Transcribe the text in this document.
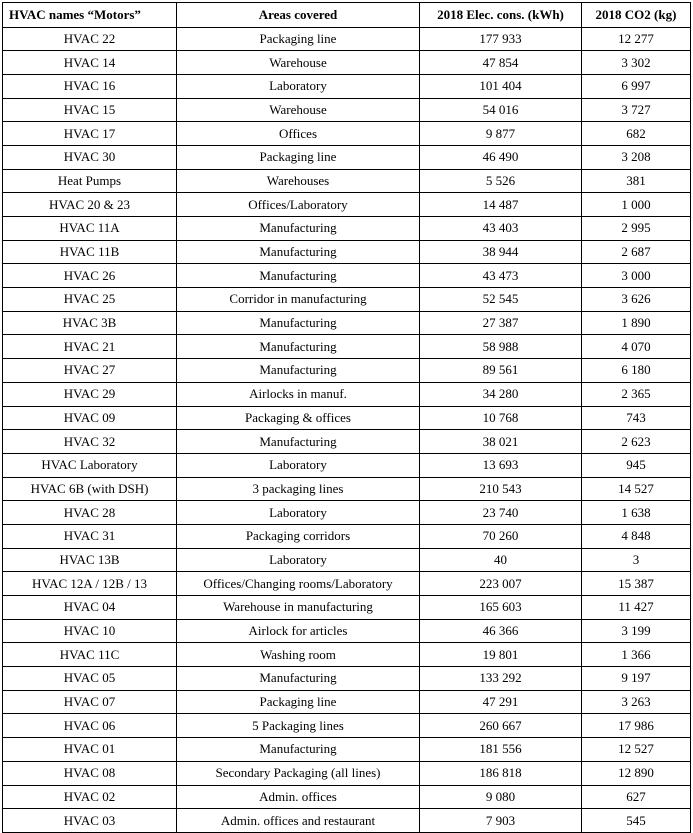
HVAC names “Motors”	Areas covered	2018 Elec. cons. (kWh)	2018 CO2 (kg)
HVAC 22	Packaging line	177 933	12 277
HVAC 14	Warehouse	47 854	3 302
HVAC 16	Laboratory	101 404	6 997
HVAC 15	Warehouse	54 016	3 727
HVAC 17	Offices	9 877	682
HVAC 30	Packaging line	46 490	3 208
Heat Pumps	Warehouses	5 526	381
HVAC 20 & 23	Offices/Laboratory	14 487	1 000
HVAC 11A	Manufacturing	43 403	2 995
HVAC 11B	Manufacturing	38 944	2 687
HVAC 26	Manufacturing	43 473	3 000
HVAC 25	Corridor in manufacturing	52 545	3 626
HVAC 3B	Manufacturing	27 387	1 890
HVAC 21	Manufacturing	58 988	4 070
HVAC 27	Manufacturing	89 561	6 180
HVAC 29	Airlocks in manuf.	34 280	2 365
HVAC 09	Packaging & offices	10 768	743
HVAC 32	Manufacturing	38 021	2 623
HVAC Laboratory	Laboratory	13 693	945
HVAC 6B (with DSH)	3 packaging lines	210 543	14 527
HVAC 28	Laboratory	23 740	1 638
HVAC 31	Packaging corridors	70 260	4 848
HVAC 13B	Laboratory	40	3
HVAC 12A / 12B / 13	Offices/Changing rooms/Laboratory	223 007	15 387
HVAC 04	Warehouse in manufacturing	165 603	11 427
HVAC 10	Airlock for articles	46 366	3 199
HVAC 11C	Washing room	19 801	1 366
HVAC 05	Manufacturing	133 292	9 197
HVAC 07	Packaging line	47 291	3 263
HVAC 06	5 Packaging lines	260 667	17 986
HVAC 01	Manufacturing	181 556	12 527
HVAC 08	Secondary Packaging (all lines)	186 818	12 890
HVAC 02	Admin. offices	9 080	627
HVAC 03	Admin. offices and restaurant	7 903	545
